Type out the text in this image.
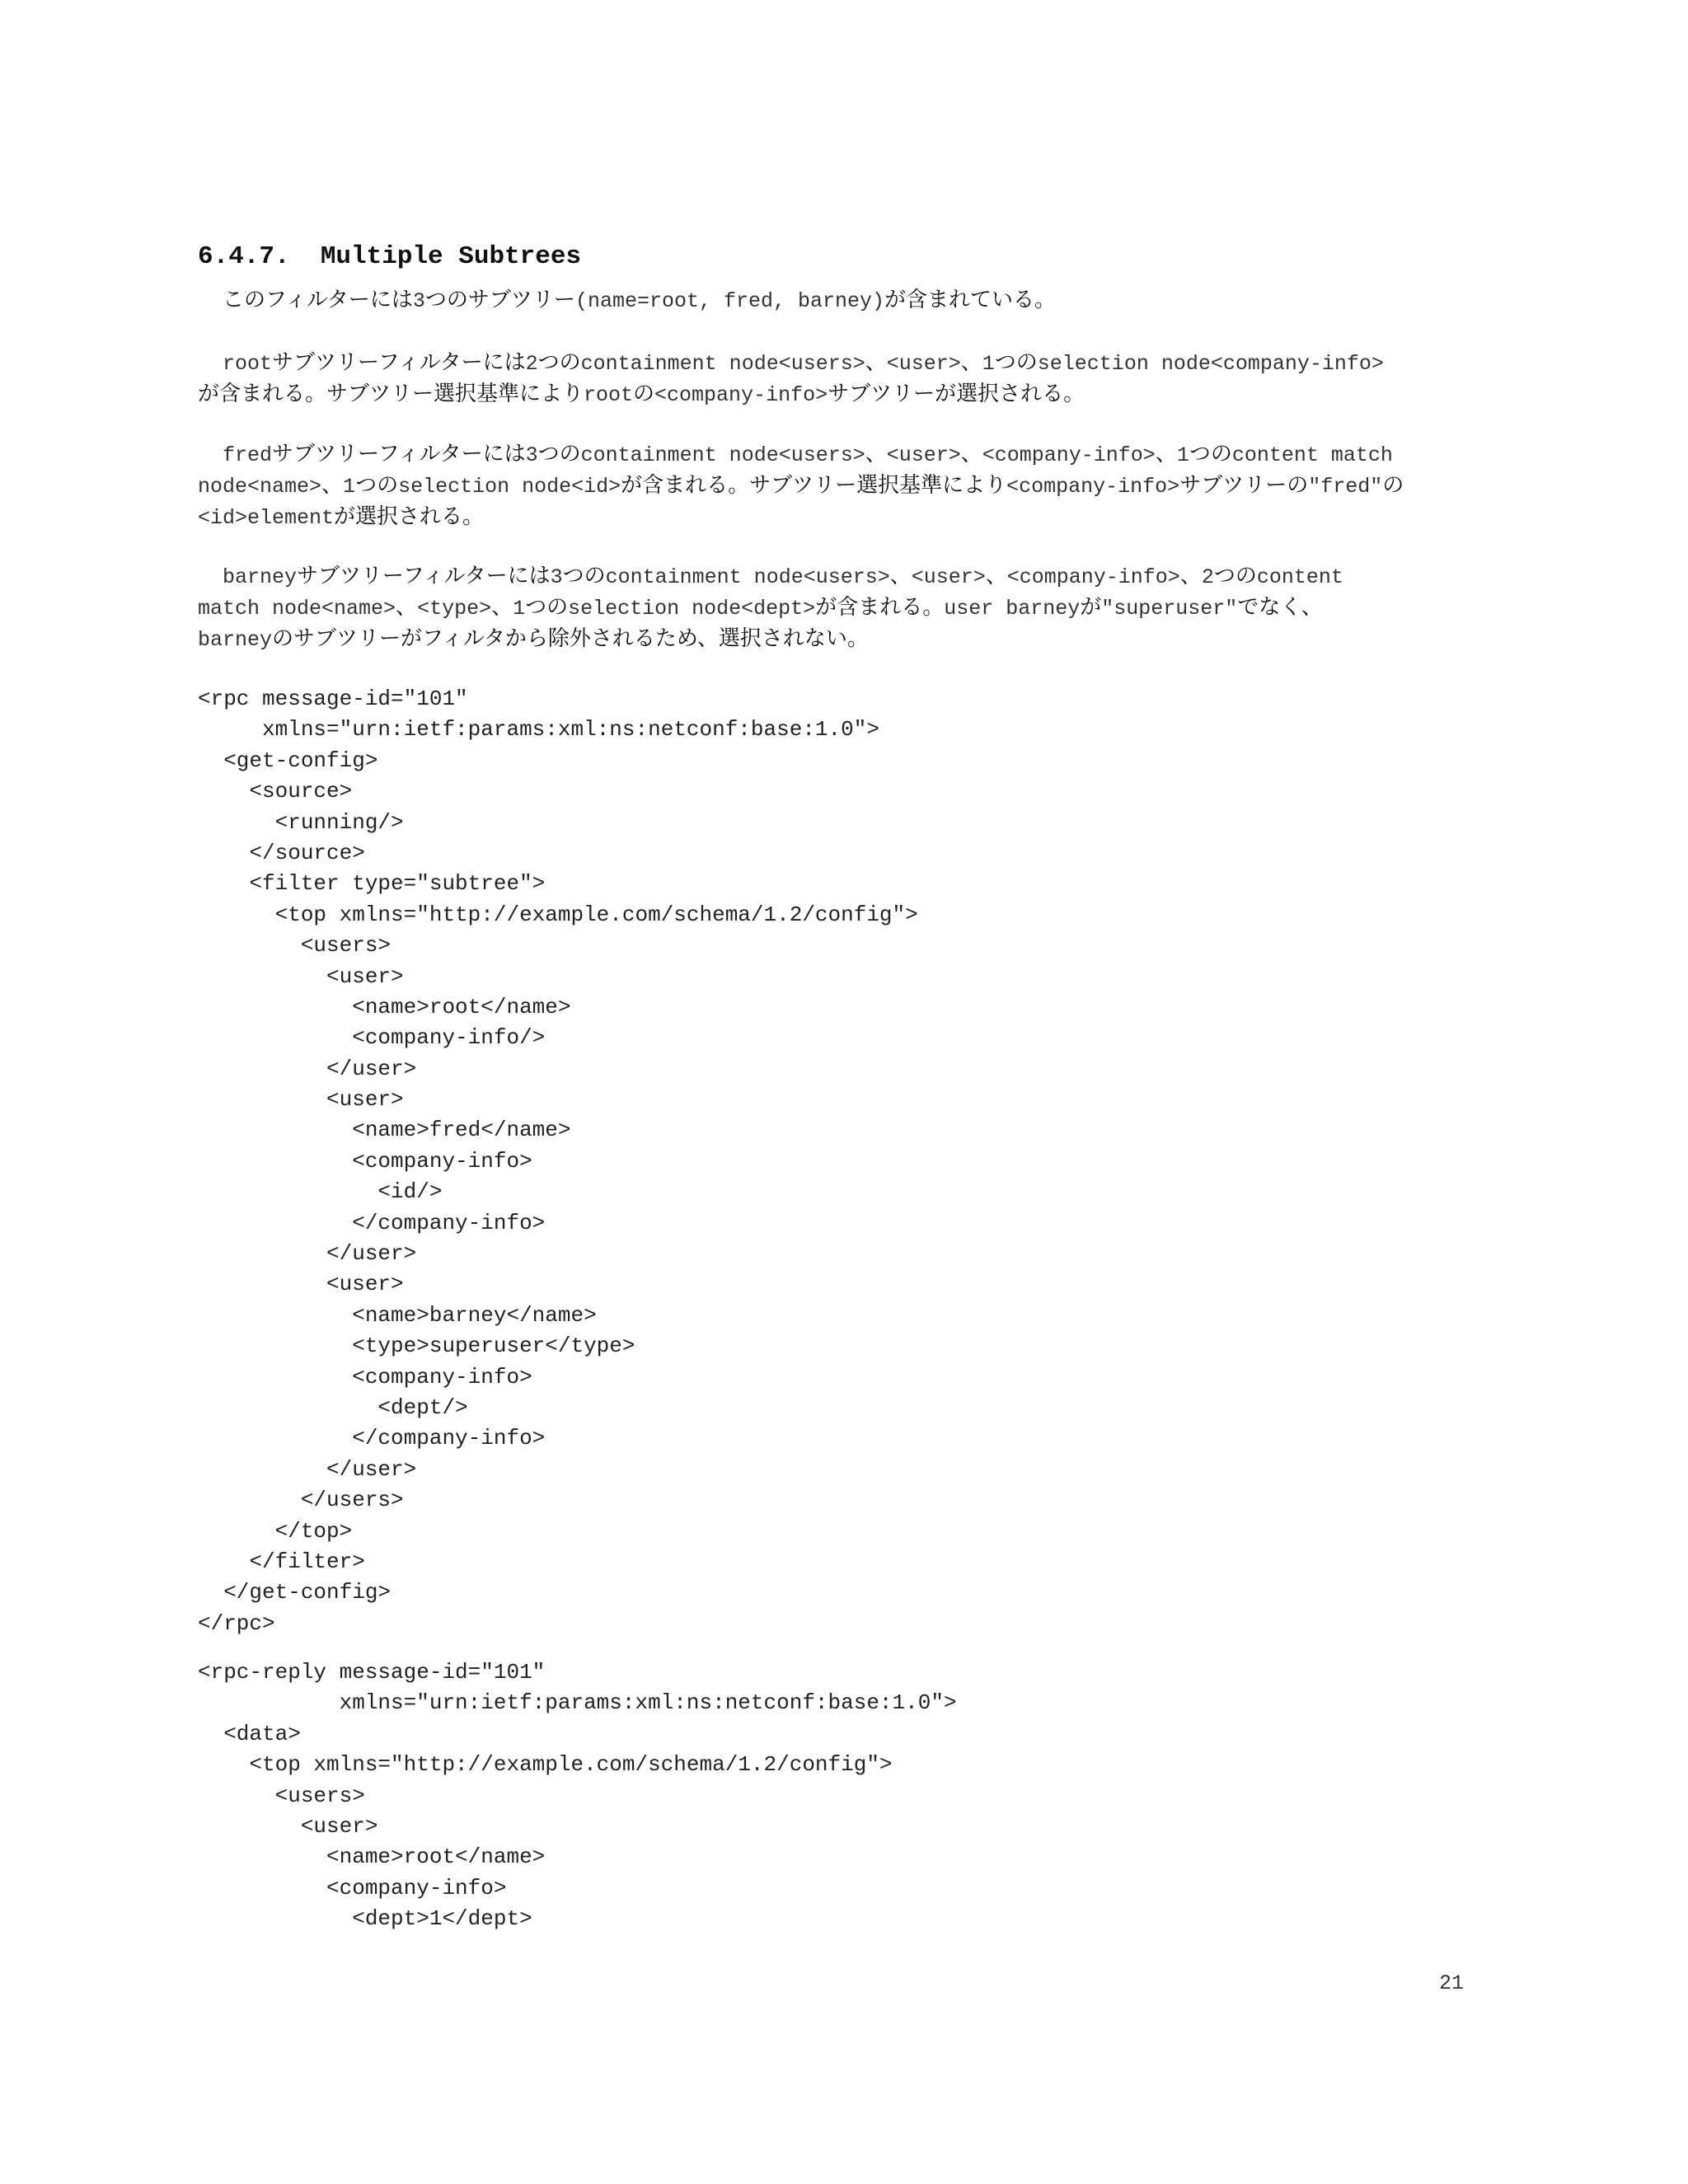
6.4.7.  Multiple Subtrees
このフィルターには3つのサブツリー(name=root, fred, barney)が含まれている。
rootサブツリーフィルターには2つのcontainment node<users>、<user>、1つのselection node<company-info>
が含まれる。サブツリー選択基準によりrootの<company-info>サブツリーが選択される。
fredサブツリーフィルターには3つのcontainment node<users>、<user>、<company-info>、1つのcontent match
node<name>、1つのselection node<id>が含まれる。サブツリー選択基準により<company-info>サブツリーの"fred"の
<id>elementが選択される。
barneyサブツリーフィルターには3つのcontainment node<users>、<user>、<company-info>、2つのcontent
match node<name>、<type>、1つのselection node<dept>が含まれる。user barneyが"superuser"でなく、
barneyのサブツリーがフィルタから除外されるため、選択されない。
<rpc message-id="101"
xmlns="urn:ietf:params:xml:ns:netconf:base:1.0">
<get-config>
<source>
<running/>
</source>
<filter type="subtree">
<top xmlns="http://example.com/schema/1.2/config">
<users>
<user>
<name>root</name>
<company-info/>
</user>
<user>
<name>fred</name>
<company-info>
<id/>
</company-info>
</user>
<user>
<name>barney</name>
<type>superuser</type>
<company-info>
<dept/>
</company-info>
</user>
</users>
</top>
</filter>
</get-config>
</rpc>
<rpc-reply message-id="101"
xmlns="urn:ietf:params:xml:ns:netconf:base:1.0">
<data>
<top xmlns="http://example.com/schema/1.2/config">
<users>
<user>
<name>root</name>
<company-info>
<dept>1</dept>
21
